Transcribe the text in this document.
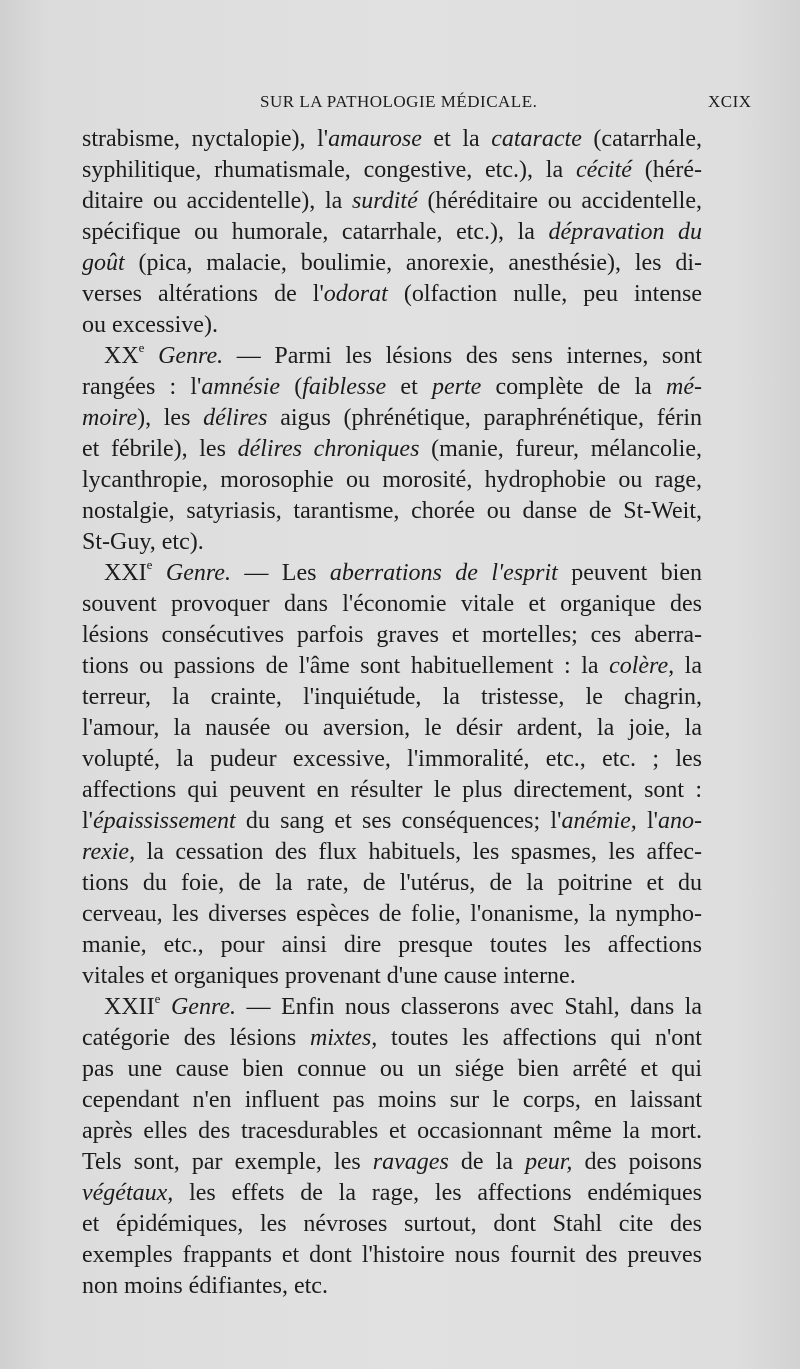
SUR LA PATHOLOGIE MÉDICALE.	XCIX
strabisme, nyctalopie), l'amaurose et la cataracte (catarrhale,
syphilitique, rhumatismale, congestive, etc.), la cécité (héré-
ditaire ou accidentelle), la surdité (héréditaire ou accidentelle,
spécifique ou humorale, catarrhale, etc.), la dépravation du
goût (pica, malacie, boulimie, anorexie, anesthésie), les di-
verses altérations de l'odorat (olfaction nulle, peu intense
ou excessive).
XXe Genre. — Parmi les lésions des sens internes, sont
rangées : l'amnésie (faiblesse et perte complète de la mé-
moire), les délires aigus (phrénétique, paraphrénétique, férin
et fébrile), les délires chroniques (manie, fureur, mélancolie,
lycanthropie, morosophie ou morosité, hydrophobie ou rage,
nostalgie, satyriasis, tarantisme, chorée ou danse de St-Weit,
St-Guy, etc).
XXIe Genre. — Les aberrations de l'esprit peuvent bien
souvent provoquer dans l'économie vitale et organique des
lésions consécutives parfois graves et mortelles; ces aberra-
tions ou passions de l'âme sont habituellement : la colère, la
terreur, la crainte, l'inquiétude, la tristesse, le chagrin,
l'amour, la nausée ou aversion, le désir ardent, la joie, la
volupté, la pudeur excessive, l'immoralité, etc., etc. ; les
affections qui peuvent en résulter le plus directement, sont :
l'épaississement du sang et ses conséquences; l'anémie, l'ano-
rexie, la cessation des flux habituels, les spasmes, les affec-
tions du foie, de la rate, de l'utérus, de la poitrine et du
cerveau, les diverses espèces de folie, l'onanisme, la nympho-
manie, etc., pour ainsi dire presque toutes les affections
vitales et organiques provenant d'une cause interne.
XXIIe Genre. — Enfin nous classerons avec Stahl, dans la
catégorie des lésions mixtes, toutes les affections qui n'ont
pas une cause bien connue ou un siége bien arrêté et qui
cependant n'en influent pas moins sur le corps, en laissant
après elles des tracesdurables et occasionnant même la mort.
Tels sont, par exemple, les ravages de la peur, des poisons
végétaux, les effets de la rage, les affections endémiques
et épidémiques, les névroses surtout, dont Stahl cite des
exemples frappants et dont l'histoire nous fournit des preuves
non moins édifiantes, etc.
